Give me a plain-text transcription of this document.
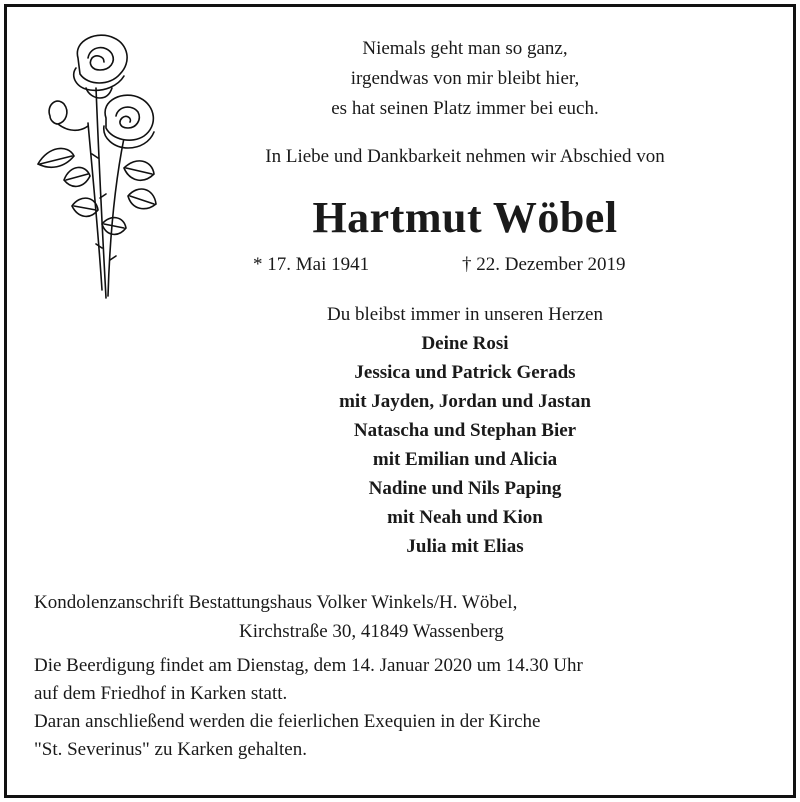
Niemals geht man so ganz,
irgendwas von mir bleibt hier,
es hat seinen Platz immer bei euch.
In Liebe und Dankbarkeit nehmen wir Abschied von
Hartmut Wöbel
* 17. Mai 1941	† 22. Dezember 2019
Du bleibst immer in unseren Herzen
Deine Rosi
Jessica und Patrick Gerads
mit Jayden, Jordan und Jastan
Natascha und Stephan Bier
mit Emilian und Alicia
Nadine und Nils Paping
mit Neah und Kion
Julia mit Elias
Kondolenzanschrift Bestattungshaus Volker Winkels/H. Wöbel,
Kirchstraße 30, 41849 Wassenberg
Die Beerdigung findet am Dienstag, dem 14. Januar 2020 um 14.30 Uhr
auf dem Friedhof in Karken statt.
Daran anschließend werden die feierlichen Exequien in der Kirche
"St. Severinus" zu Karken gehalten.
